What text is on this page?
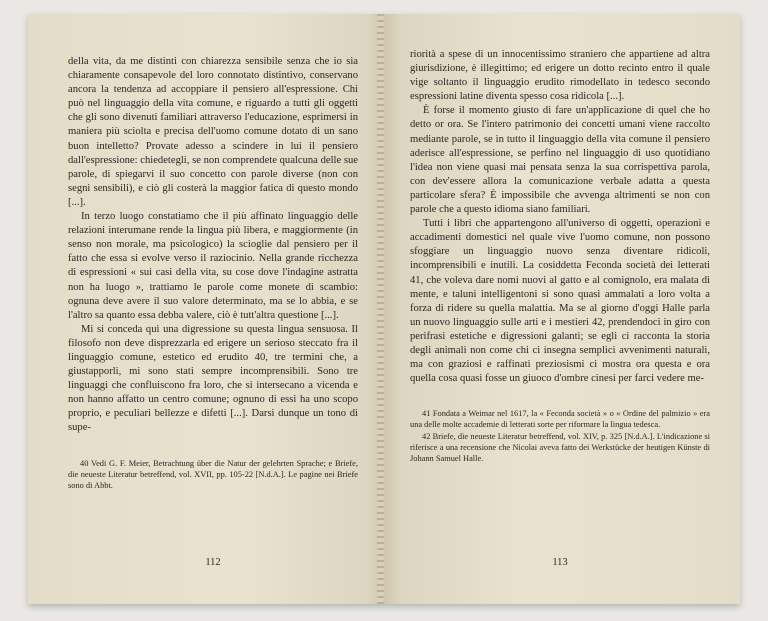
della vita, da me distinti con chiarezza sensibile senza che io sia chiaramente consapevole del loro connotato distintivo, conservano ancora la tendenza ad accoppiare il pensiero all'espressione. Chi può nel linguaggio della vita comune, e riguardo a tutti gli oggetti che gli sono divenuti familiari attraverso l'educazione, esprimersi in maniera più sciolta e precisa dell'uomo comune dotato di un sano buon intelletto? Provate adesso a scindere in lui il pensiero dall'espressione: chiedetegli, se non comprendete qualcuna delle sue parole, di spiegarvi il suo concetto con parole diverse (non con segni sensibili), e ciò gli costerà la maggior fatica di questo mondo [...].

In terzo luogo constatiamo che il più affinato linguaggio delle relazioni interumane rende la lingua più libera, e maggiormente (in senso non morale, ma psicologico) la scioglie dal pensiero per il fatto che essa si evolve verso il raziocinio. Nella grande ricchezza di espressioni « sui casi della vita, su cose dove l'indagine astratta non ha luogo », trattiamo le parole come monete di scambio: ognuna deve avere il suo valore determinato, ma se lo abbia, e se l'altro sa quanto essa debba valere, ciò è tutt'altra questione [...].

Mi si conceda qui una digressione su questa lingua sensuosa. Il filosofo non deve disprezzarla ed erigere un serioso steccato fra il linguaggio comune, estetico ed erudito 40, tre termini che, a giustapporli, mi sono stati sempre incomprensibili. Sono tre linguaggi che confluiscono fra loro, che si intersecano a vicenda e non hanno affatto un centro comune; ognuno di essi ha uno scopo proprio, e peculiari bellezze e difetti [...]. Darsi dunque un tono di supe-

40 Vedi G. F. Meier, Betrachtung über die Natur der gelehrten Sprache; e Briefe, die neueste Literatur betreffend, vol. XVII, pp. 105-22 [N.d.A.]. Le pagine nei Briefe sono di Abbt.

112

riorità a spese di un innocentissimo straniero che appartiene ad altra giurisdizione, è illegittimo; ed erigere un dotto recinto entro il quale vige soltanto il linguaggio erudito rimodellato in tedesco secondo espressioni latine diventa spesso cosa ridicola [...].

È forse il momento giusto di fare un'applicazione di quel che ho detto or ora. Se l'intero patrimonio dei concetti umani viene raccolto mediante parole, se in tutto il linguaggio della vita comune il pensiero aderisce all'espressione, se perfino nel linguaggio di uso quotidiano l'idea non viene quasi mai pensata senza la sua corrispettiva parola, con dev'essere allora la comunicazione verbale adatta a questa particolare sfera? È impossibile che avvenga altrimenti se non con parole che a questo idioma siano familiari.

Tutti i libri che appartengono all'universo di oggetti, operazioni e accadimenti domestici nel quale vive l'uomo comune, non possono sfoggiare un linguaggio nuovo senza diventare ridicoli, incomprensibili e inutili. La cosiddetta Feconda società dei letterati 41, che voleva dare nomi nuovi al gatto e al comignolo, era malata di mente, e taluni intelligentoni si sono quasi ammalati a loro volta a forza di ridere su quella malattia. Ma se al giorno d'oggi Halle parla un nuovo linguaggio sulle arti e i mestieri 42, prendendoci in giro con perifrasi estetiche e digressioni galanti; se egli ci racconta la storia degli animali non come chi ci insegna semplici avvenimenti naturali, ma con graziosi e raffinati preziosismi ci mostra ora questa e ora quella cosa quasi fosse un giuoco d'ombre cinesi per farci vedere me-

41 Fondata a Weimar nel 1617, la « Feconda società » o « Ordine del palmizio » era una delle molte accademie di letterati sorte per riformare la lingua tedesca.

42 Briefe, die neueste Literatur betreffend, vol. XIV, p. 325 [N.d.A.]. L'indicazione si riferisce a una recensione che Nicolai aveva fatto dei Werkstücke der heutigen Künste di Johann Samuel Halle.

113
